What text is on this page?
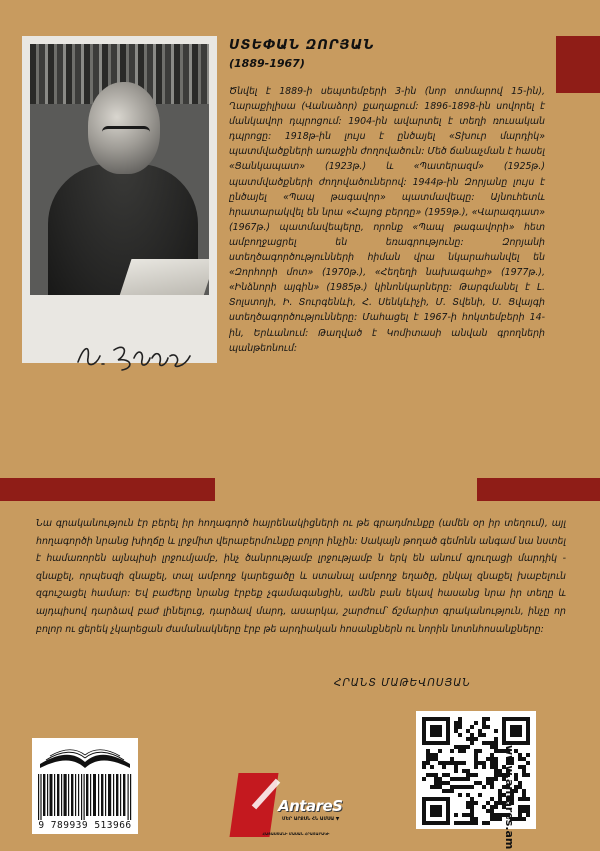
ՍՏԵՓԱՆ ԶՈՐՅԱՆ
(1889-1967)

Ծնվել է 1889-ի սեպտեմբերի 3-ին (նոր տոմարով 15-ին), Ղարաքիլիսա (Վանաձոր) քաղաքում: 1896-1898-ին սովորել է մանկավոր դպրոցում: 1904-ին ավարտել է տեղի ռուսական դպրոցը: 1918թ-ին լույս է ընծայել «Տխուր մարդիկ» պատմվածքների առաջին ժողովածուն: Մեծ ճանաչման է հասել «Ցանկապատ» (1923թ.) և «Պատերազմ» (1925թ.) պատմվածքների ժողովածուներով: 1944թ-ին Զորյանը լույս է ընծայել «Պապ թագավոր» պատմավեպը: Այնուհետև հրատարակվել են նրա «Հայոց բերդը» (1959թ.), «Վարազդատ» (1967թ.) պատմավեպերը, որոնք «Պապ թագավորի» հետ ամբողջացրել են եռագրությունը: Զորյանի ստեղծագործությունների հիման վրա նկարահանվել են «Զորհորի մոտ» (1970թ.), «Հեղեղի նախագահը» (1977թ.), «Ինձնորի այգին» (1985թ.) կինոնկարները: Թարգմանել է Լ. Տոլստոյի, Ի. Տուրգենևի, Հ. Սենկևիչի, Մ. Տվենի, Ս. Ցվայգի ստեղծագործությունները: Մահացել է 1967-ի հոկտեմբերի 14-ին, Երևանում: Թաղված է Կոմիտասի անվան գրողների պանթեոնում:

Նա գրականություն էր բերել իր հողագործ հայրենակիցների ու թե գրադմունքը (ամեն օր իր տեղում), այլ հողագործի նրանց խիղճը և լրջմիտ վերաբերմունքը բոլոր ինչին: Սակայն թողած գեմոնն անգամ նա նստել է համառորեն այնպիսի լրջումյամբ, ինչ ծանրությամբ լրջությամբ ն երկ են անում գյուղացի մարդիկ - զնաքել, որպեսզի զնաքել, տալ ամբողջ կարեցածը և ստանալ ամբողջ եղածը, ընկալ զնաքել խաբելուն զգուշացել համար: Եվ բաժերը նրանց էրբեք չգամագանցին, ամեն բան եկավ հասանց նրա իր տեղը և այդպիսով դարձավ բաժ լինելուց, դարձավ մարդ, ասարկա, շարժում՝ ճշմարիտ գրականություն, ինչը որ բոլոր ու ցերեկ չկարեցան ժամանակները էրբ թե արդիական հոսանքներն ու նորին նոտնհոսանքները:

ՀՐԱՆՏ ՄԱԹԵՎՈՍՅԱՆ
9 789939 513966
AntareS
ՄԵՐ ԱՐՔՍՆ ՀՆ ԱՄՍԱ ▼
ՀԱՅԱՍՏԱՆԻ ՄԱՍԱՆ ՀՐԱՏԱՐԱԿԻ	www.antares.am
